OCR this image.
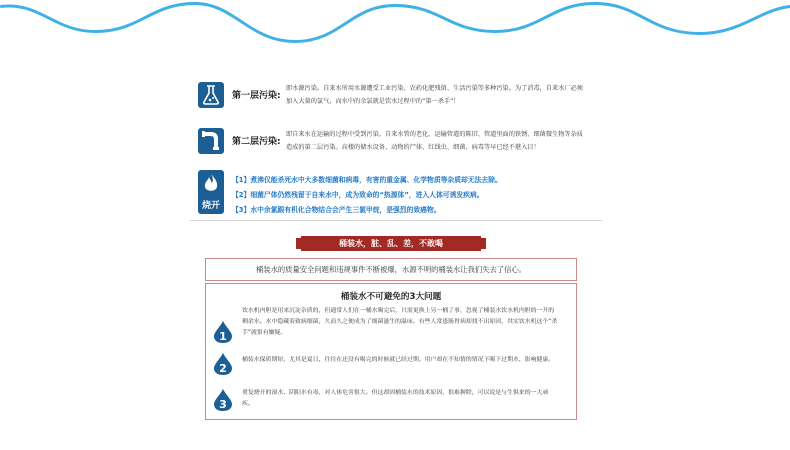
第一层污染:
即水源污染。自来水所用水源遭受工业污染、农药化肥残留、生活污染等多种污染。为了消毒，自来水厂必须加入大量的氯气，而水中的余氯就是饮水过程中的“第一杀手”！
第二层污染:
即自来水在运输的过程中受到污染。自来水管的老化、运输管道的陈旧、管道里面的铁锈、细菌微生物等杂质造成的第二层污染。高楼的储水设备、动物的尸体、红线虫、细菌、病毒等早已经不堪入目！
烧开
【1】煮沸仅能杀死水中大多数细菌和病毒，有害的重金属、化学物质等杂质却无法去除。
【2】细菌尸体仍然残留于自来水中，成为致命的“热源体”，进入人体可诱发疾病。
【3】水中余氯跟有机化合物结合会产生三氯甲烷，是强烈的致癌物。
桶装水，脏、乱、差，不敢喝
桶装水的质量安全问题和违规事件不断被爆，水源不明的桶装水让我们失去了信心。
桶装水不可避免的3大问题
1
饮水机内胆是用来沉淀杂质的，但通常人们在一桶水喝完后，只需更换上另一桶了事，忽视了桶装水饮水机内胆的一升的剩余水。水中隐藏着致病细菌，久而久之便成为了细菌滋生的温床。有些人常患肠胃病却找不出原因，其实饮水机这个“杀手”就很有嫌疑。
2
桶装水保质期短，尤其是夏日，往往在还没有喝完的时候就已经过期。用户却在不知情的情况下喝下过期水，影响健康。
3
重复烧开的滚水、阴阳水有毒，对人体危害很大。但这却因桶装水的技术原因，很难摒除，可以说是与生俱来的一大顽疾。
